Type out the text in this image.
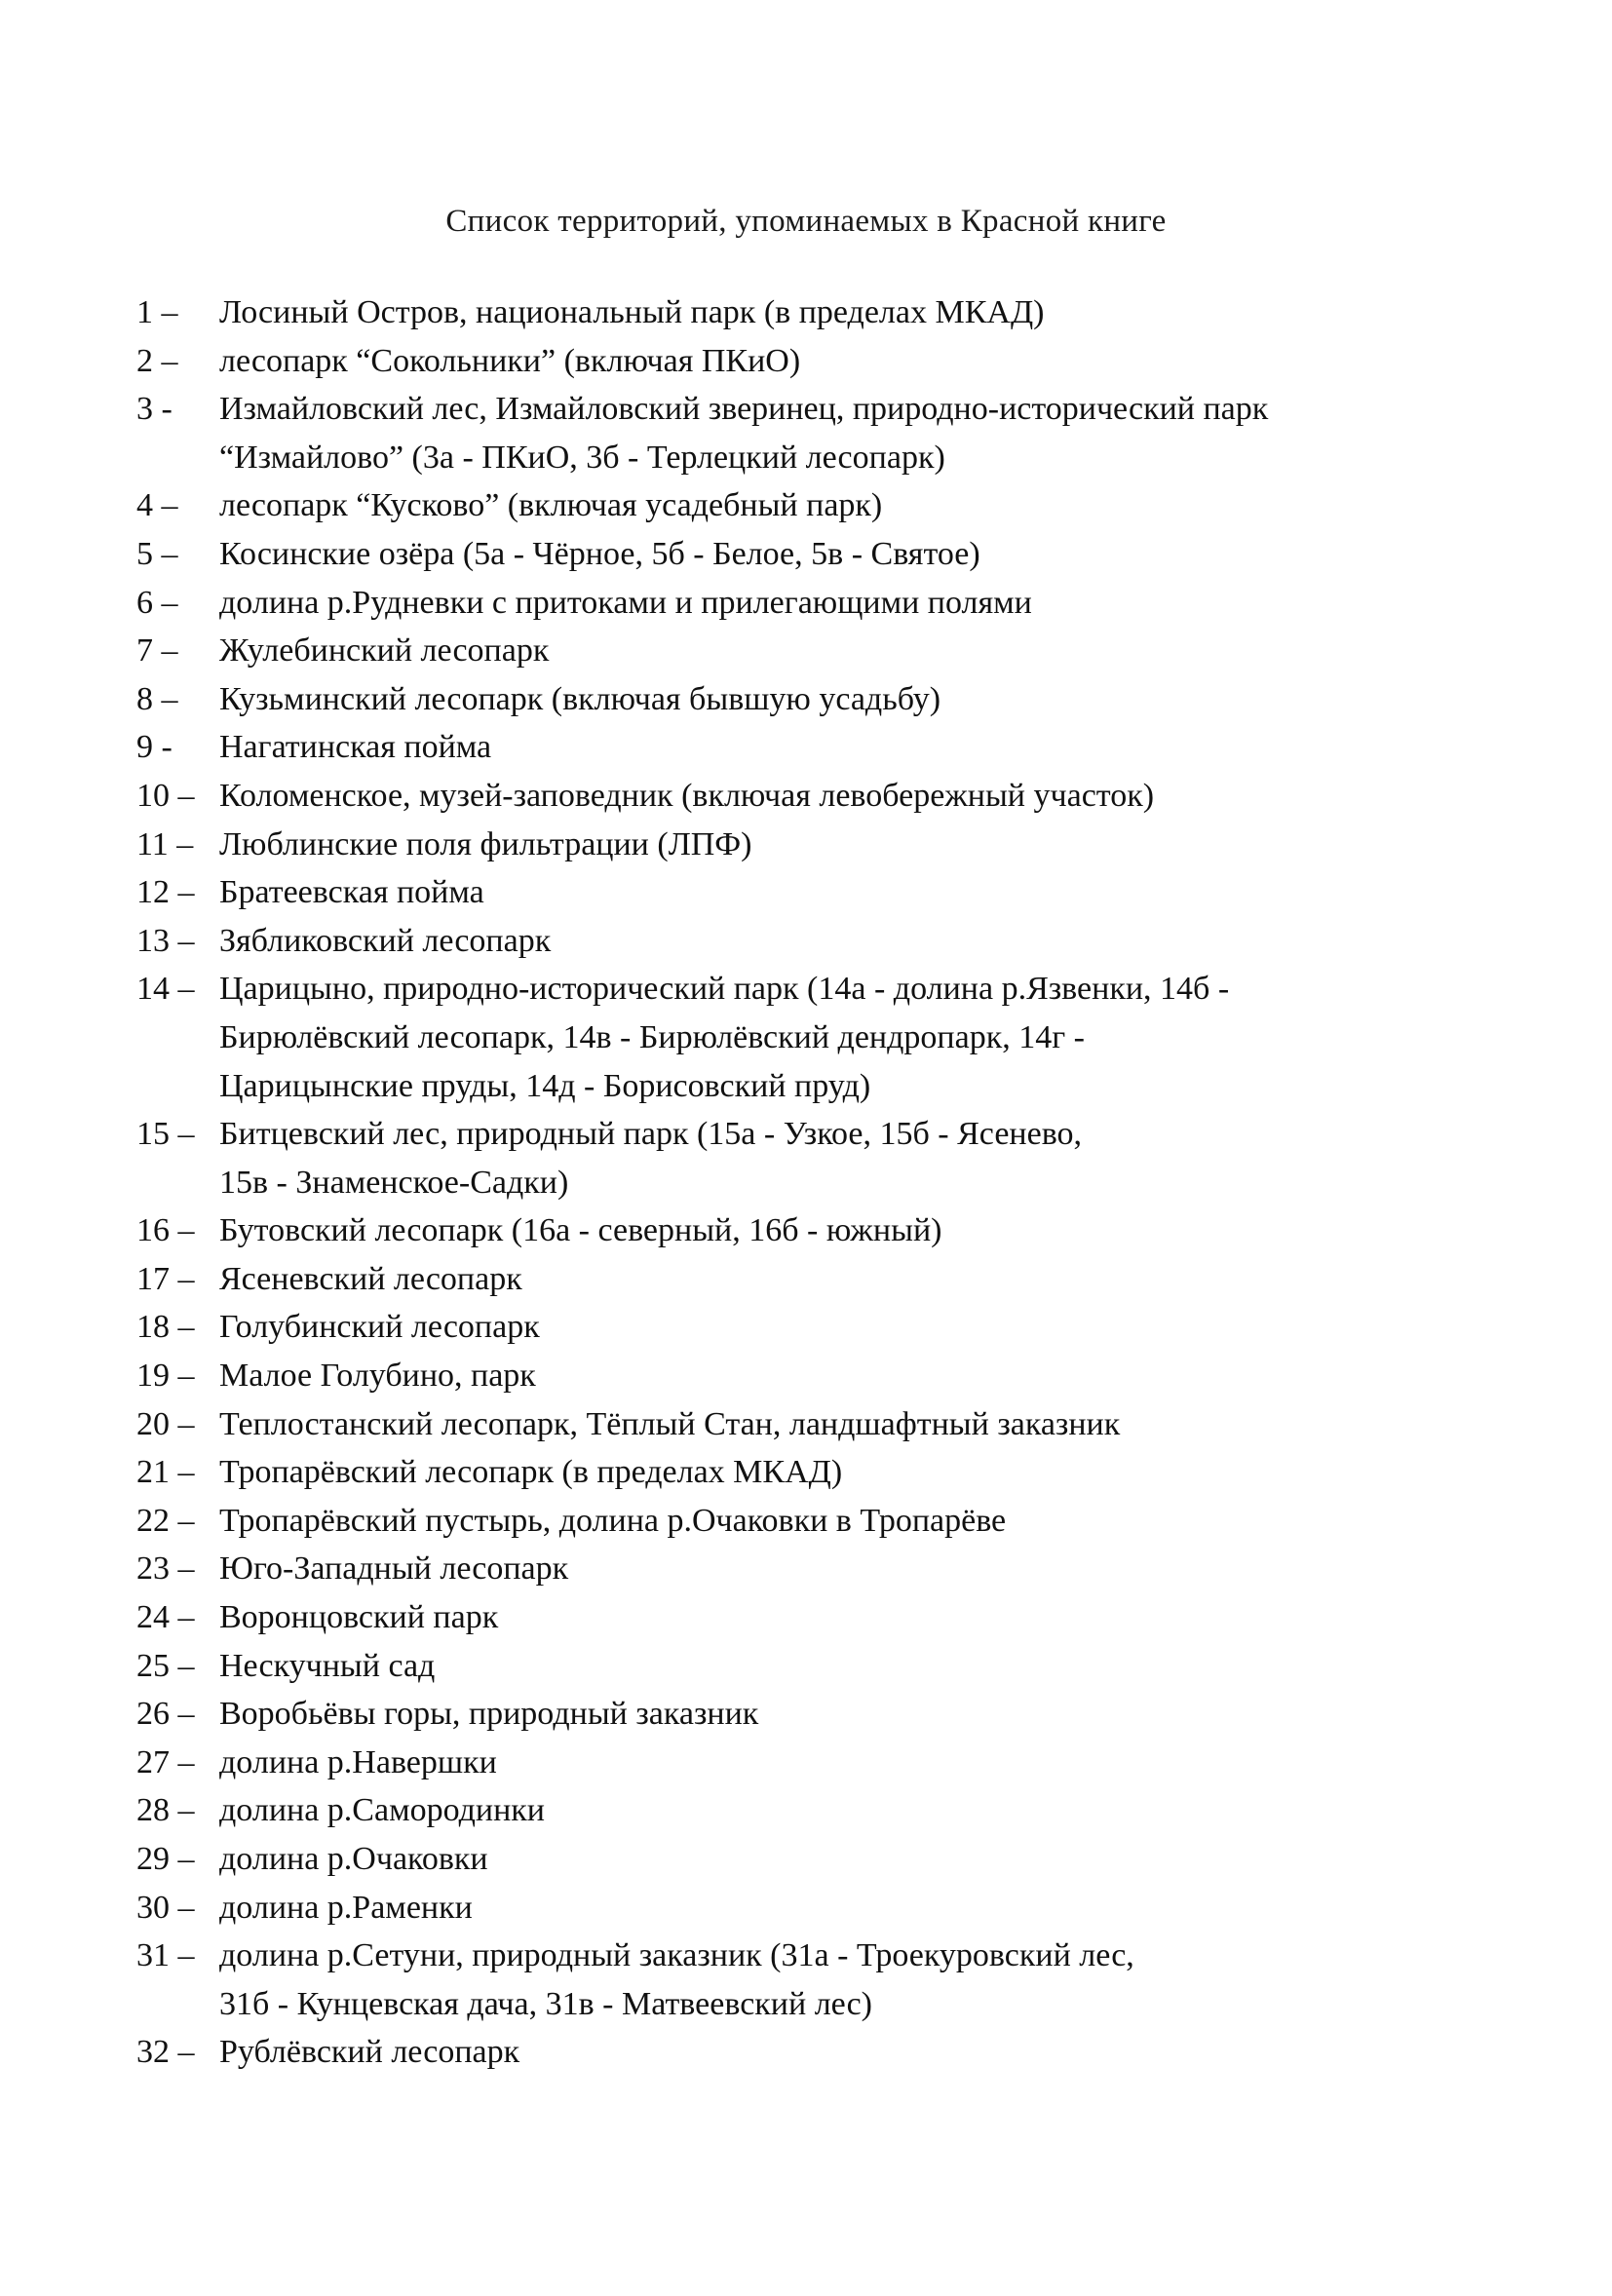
Список территорий, упоминаемых в Красной книге
1 – Лосиный Остров, национальный парк (в пределах МКАД)
2 – лесопарк “Сокольники” (включая ПКиО)
3 - Измайловский лес, Измайловский зверинец, природно-исторический парк
“Измайлово” (3а - ПКиО, 3б - Терлецкий лесопарк)
4 – лесопарк “Кусково” (включая усадебный парк)
5 – Косинские озёра (5а - Чёрное, 5б - Белое, 5в - Святое)
6 – долина р.Рудневки с притоками и прилегающими полями
7 – Жулебинский лесопарк
8 – Кузьминский лесопарк (включая бывшую усадьбу)
9 - Нагатинская пойма
10 – Коломенское, музей-заповедник (включая левобережный участок)
11 – Люблинские поля фильтрации (ЛПФ)
12 – Братеевская пойма
13 – Зябликовский лесопарк
14 – Царицыно, природно-исторический парк (14а - долина р.Язвенки, 14б -
Бирюлёвский лесопарк, 14в - Бирюлёвский дендропарк, 14г -
Царицынские пруды, 14д - Борисовский пруд)
15 – Битцевский лес, природный парк (15а - Узкое, 15б - Ясенево,
15в - Знаменское-Садки)
16 – Бутовский лесопарк (16а - северный, 16б - южный)
17 – Ясеневский лесопарк
18 – Голубинский лесопарк
19 – Малое Голубино, парк
20 – Теплостанский лесопарк, Тёплый Стан, ландшафтный заказник
21 – Тропарёвский лесопарк (в пределах МКАД)
22 – Тропарёвский пустырь, долина р.Очаковки в Тропарёве
23 – Юго-Западный лесопарк
24 – Воронцовский парк
25 – Нескучный сад
26 – Воробьёвы горы, природный заказник
27 – долина р.Навершки
28 – долина р.Самородинки
29 – долина р.Очаковки
30 – долина р.Раменки
31 – долина р.Сетуни, природный заказник (31а - Троекуровский лес,
31б - Кунцевская дача, 31в - Матвеевский лес)
32 – Рублёвский лесопарк
